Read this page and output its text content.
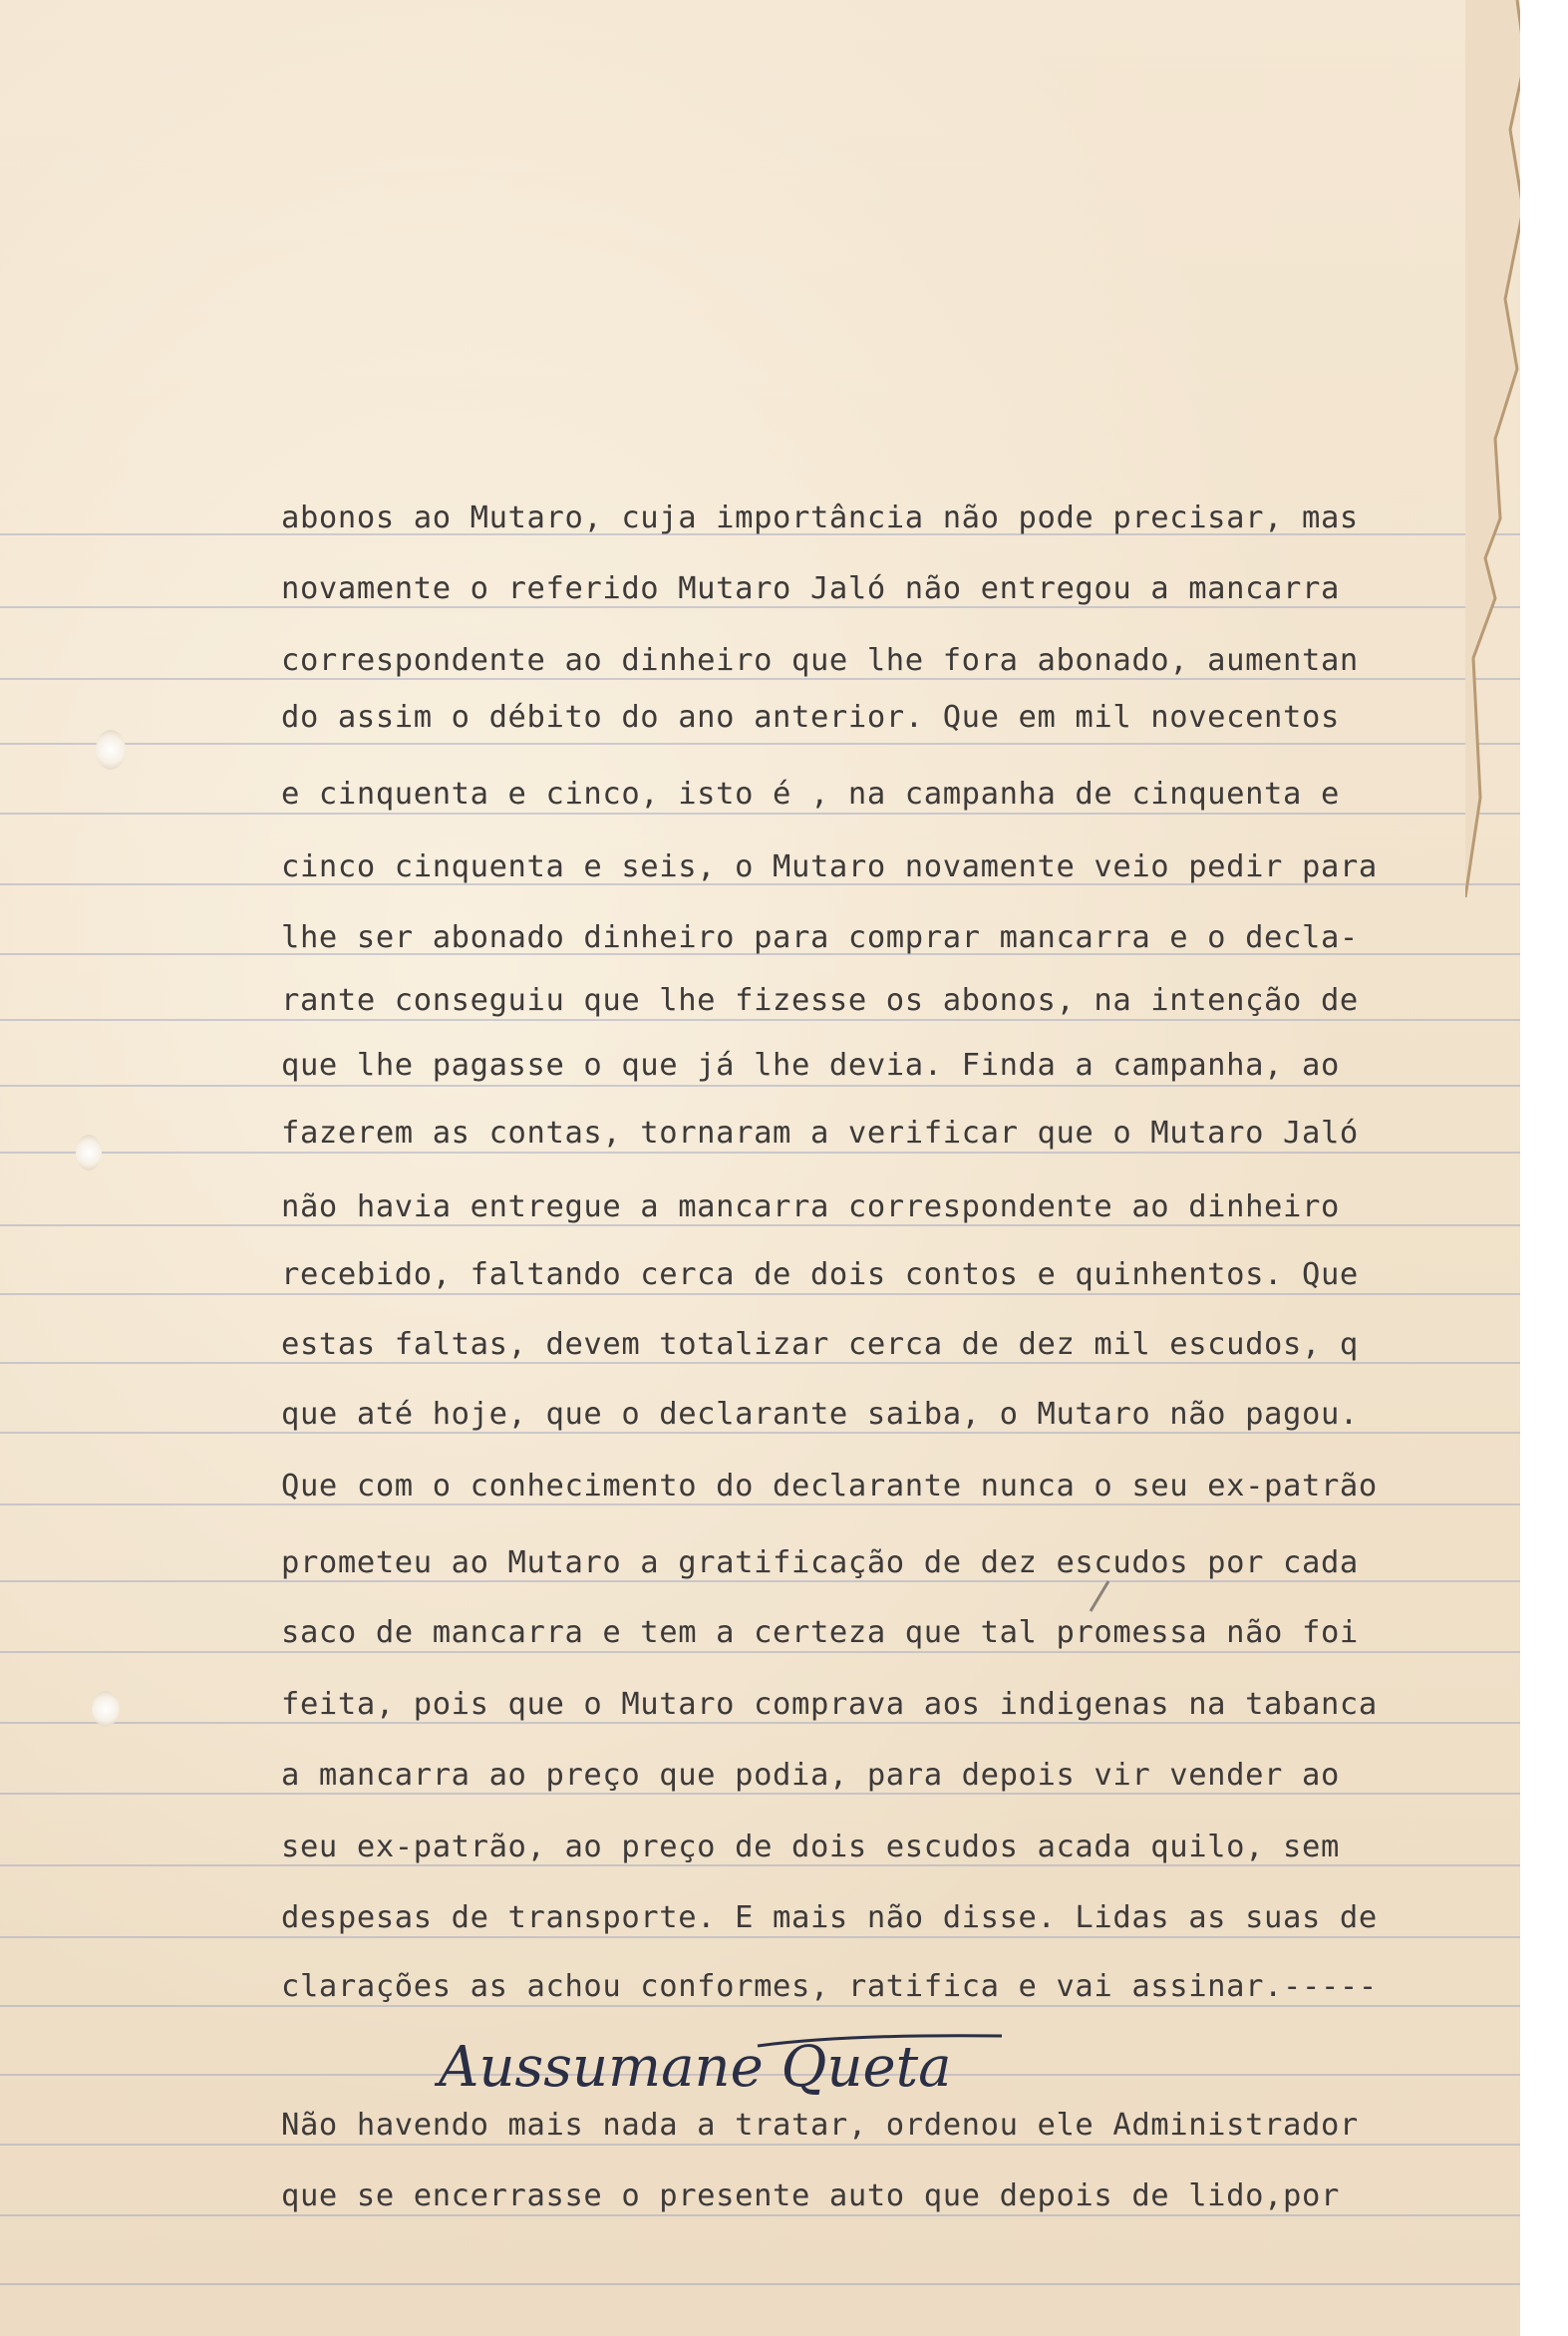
abonos ao Mutaro, cuja importância não pode precisar, mas
novamente o referido Mutaro Jaló não entregou a mancarra
correspondente ao dinheiro que lhe fora abonado, aumentan
do assim o débito do ano anterior. Que em mil novecentos
e cinquenta e cinco, isto é , na campanha de cinquenta e
cinco cinquenta e seis, o Mutaro novamente veio pedir para
lhe ser abonado dinheiro para comprar mancarra e o decla-
rante conseguiu que lhe fizesse os abonos, na intenção de
que lhe pagasse o que já lhe devia. Finda a campanha, ao
fazerem as contas, tornaram a verificar que o Mutaro Jaló
não havia entregue a mancarra correspondente ao dinheiro
recebido, faltando cerca de dois contos e quinhentos. Que
estas faltas, devem totalizar cerca de dez mil escudos, q
que até hoje, que o declarante saiba, o Mutaro não pagou.
Que com o conhecimento do declarante nunca o seu ex-patrão
prometeu ao Mutaro a gratificação de dez escudos por cada
saco de mancarra e tem a certeza que tal promessa não foi
feita, pois que o Mutaro comprava aos indigenas na tabanca
a mancarra ao preço que podia, para depois vir vender ao
seu ex-patrão, ao preço de dois escudos acada quilo, sem
despesas de transporte. E mais não disse. Lidas as suas de
clarações as achou conformes, ratifica e vai assinar.-----
Aussumane Queta
Não havendo mais nada a tratar, ordenou ele Administrador
que se encerrasse o presente auto que depois de lido,por
